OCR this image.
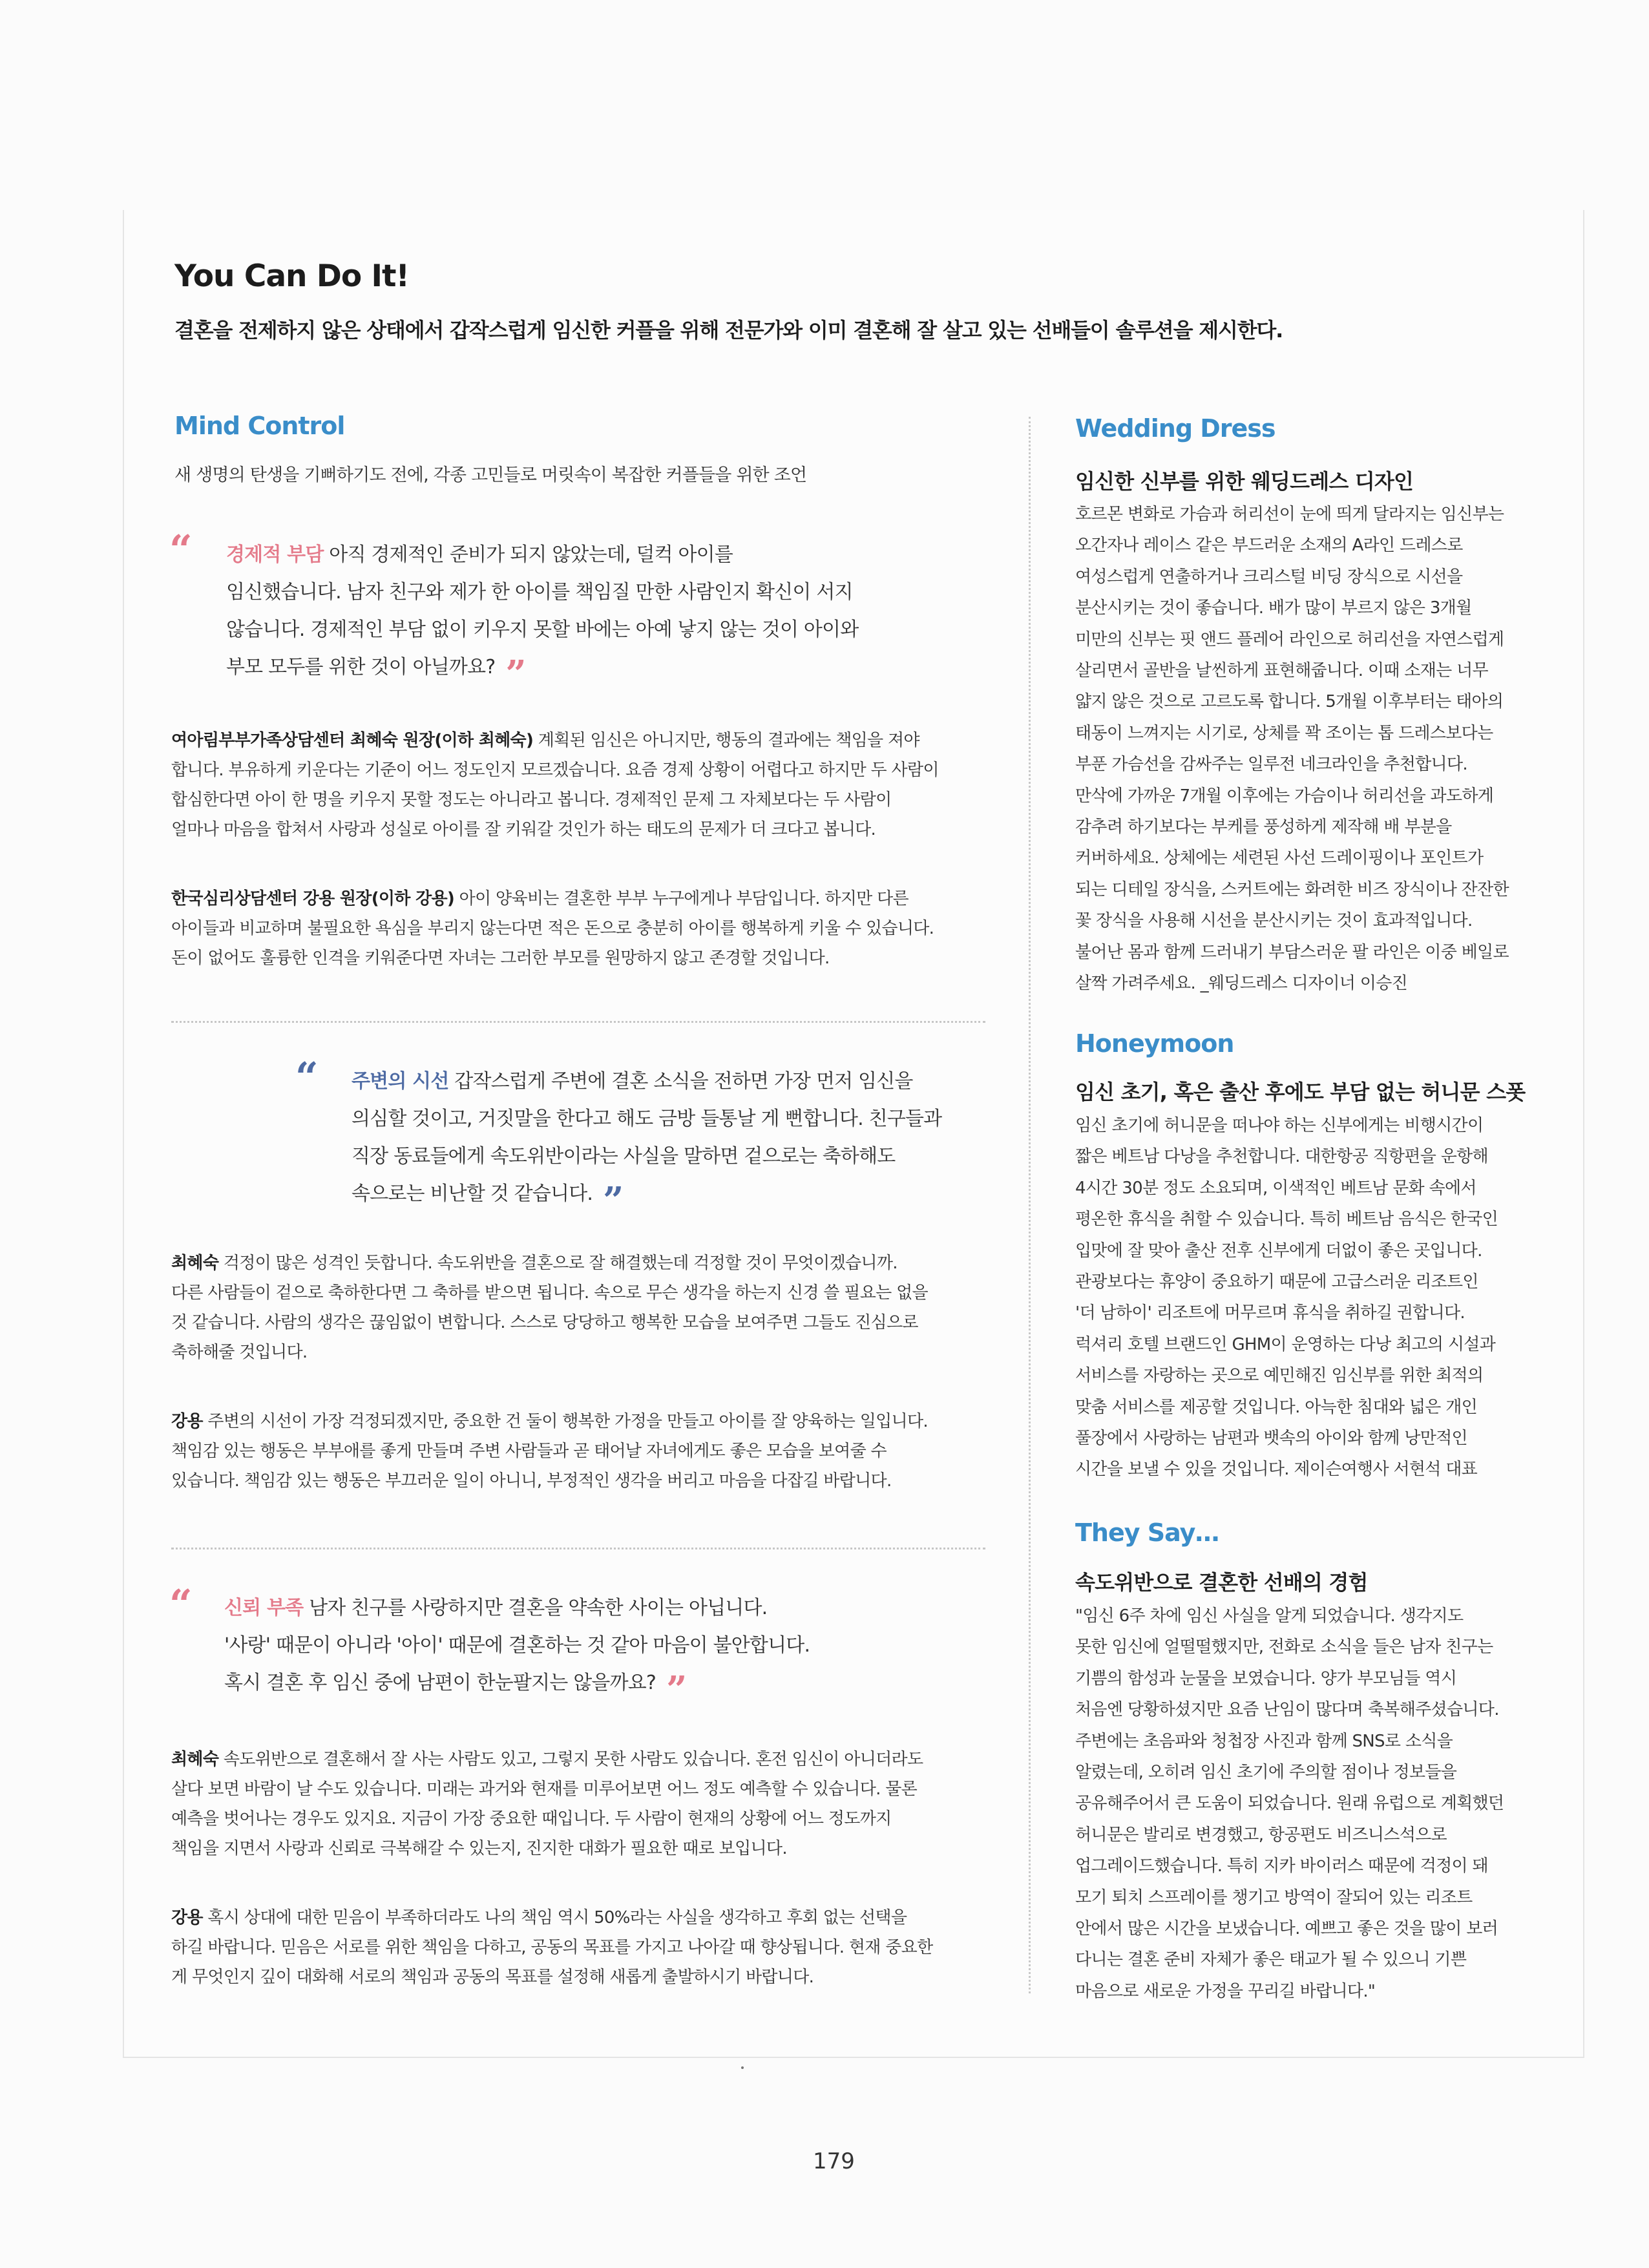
You Can Do It!
결혼을 전제하지 않은 상태에서 갑작스럽게 임신한 커플을 위해 전문가와 이미 결혼해 잘 살고 있는 선배들이 솔루션을 제시한다.
Mind Control
새 생명의 탄생을 기뻐하기도 전에, 각종 고민들로 머릿속이 복잡한 커플들을 위한 조언
“ 경제적 부담 아직 경제적인 준비가 되지 않았는데, 덜컥 아이를
임신했습니다. 남자 친구와 제가 한 아이를 책임질 만한 사람인지 확신이 서지
않습니다. 경제적인 부담 없이 키우지 못할 바에는 아예 낳지 않는 것이 아이와
부모 모두를 위한 것이 아닐까요? ”
여아림부부가족상담센터 최혜숙 원장(이하 최혜숙) 계획된 임신은 아니지만, 행동의 결과에는 책임을 져야
합니다. 부유하게 키운다는 기준이 어느 정도인지 모르겠습니다. 요즘 경제 상황이 어렵다고 하지만 두 사람이
합심한다면 아이 한 명을 키우지 못할 정도는 아니라고 봅니다. 경제적인 문제 그 자체보다는 두 사람이
얼마나 마음을 합쳐서 사랑과 성실로 아이를 잘 키워갈 것인가 하는 태도의 문제가 더 크다고 봅니다.
한국심리상담센터 강용 원장(이하 강용) 아이 양육비는 결혼한 부부 누구에게나 부담입니다. 하지만 다른
아이들과 비교하며 불필요한 욕심을 부리지 않는다면 적은 돈으로 충분히 아이를 행복하게 키울 수 있습니다.
돈이 없어도 훌륭한 인격을 키워준다면 자녀는 그러한 부모를 원망하지 않고 존경할 것입니다.
“ 주변의 시선 갑작스럽게 주변에 결혼 소식을 전하면 가장 먼저 임신을
의심할 것이고, 거짓말을 한다고 해도 금방 들통날 게 뻔합니다. 친구들과
직장 동료들에게 속도위반이라는 사실을 말하면 겉으로는 축하해도
속으로는 비난할 것 같습니다. ”
최혜숙 걱정이 많은 성격인 듯합니다. 속도위반을 결혼으로 잘 해결했는데 걱정할 것이 무엇이겠습니까.
다른 사람들이 겉으로 축하한다면 그 축하를 받으면 됩니다. 속으로 무슨 생각을 하는지 신경 쓸 필요는 없을
것 같습니다. 사람의 생각은 끊임없이 변합니다. 스스로 당당하고 행복한 모습을 보여주면 그들도 진심으로
축하해줄 것입니다.
강용 주변의 시선이 가장 걱정되겠지만, 중요한 건 둘이 행복한 가정을 만들고 아이를 잘 양육하는 일입니다.
책임감 있는 행동은 부부애를 좋게 만들며 주변 사람들과 곧 태어날 자녀에게도 좋은 모습을 보여줄 수
있습니다. 책임감 있는 행동은 부끄러운 일이 아니니, 부정적인 생각을 버리고 마음을 다잡길 바랍니다.
“ 신뢰 부족 남자 친구를 사랑하지만 결혼을 약속한 사이는 아닙니다.
'사랑' 때문이 아니라 '아이' 때문에 결혼하는 것 같아 마음이 불안합니다.
혹시 결혼 후 임신 중에 남편이 한눈팔지는 않을까요? ”
최혜숙 속도위반으로 결혼해서 잘 사는 사람도 있고, 그렇지 못한 사람도 있습니다. 혼전 임신이 아니더라도
살다 보면 바람이 날 수도 있습니다. 미래는 과거와 현재를 미루어보면 어느 정도 예측할 수 있습니다. 물론
예측을 벗어나는 경우도 있지요. 지금이 가장 중요한 때입니다. 두 사람이 현재의 상황에 어느 정도까지
책임을 지면서 사랑과 신뢰로 극복해갈 수 있는지, 진지한 대화가 필요한 때로 보입니다.
강용 혹시 상대에 대한 믿음이 부족하더라도 나의 책임 역시 50%라는 사실을 생각하고 후회 없는 선택을
하길 바랍니다. 믿음은 서로를 위한 책임을 다하고, 공동의 목표를 가지고 나아갈 때 향상됩니다. 현재 중요한
게 무엇인지 깊이 대화해 서로의 책임과 공동의 목표를 설정해 새롭게 출발하시기 바랍니다.
Wedding Dress
임신한 신부를 위한 웨딩드레스 디자인
호르몬 변화로 가슴과 허리선이 눈에 띄게 달라지는 임신부는
오간자나 레이스 같은 부드러운 소재의 A라인 드레스로
여성스럽게 연출하거나 크리스털 비딩 장식으로 시선을
분산시키는 것이 좋습니다. 배가 많이 부르지 않은 3개월
미만의 신부는 핏 앤드 플레어 라인으로 허리선을 자연스럽게
살리면서 골반을 날씬하게 표현해줍니다. 이때 소재는 너무
얇지 않은 것으로 고르도록 합니다. 5개월 이후부터는 태아의
태동이 느껴지는 시기로, 상체를 꽉 조이는 톱 드레스보다는
부푼 가슴선을 감싸주는 일루전 네크라인을 추천합니다.
만삭에 가까운 7개월 이후에는 가슴이나 허리선을 과도하게
감추려 하기보다는 부케를 풍성하게 제작해 배 부분을
커버하세요. 상체에는 세련된 사선 드레이핑이나 포인트가
되는 디테일 장식을, 스커트에는 화려한 비즈 장식이나 잔잔한
꽃 장식을 사용해 시선을 분산시키는 것이 효과적입니다.
불어난 몸과 함께 드러내기 부담스러운 팔 라인은 이중 베일로
살짝 가려주세요. _웨딩드레스 디자이너 이승진
Honeymoon
임신 초기, 혹은 출산 후에도 부담 없는 허니문 스폿
임신 초기에 허니문을 떠나야 하는 신부에게는 비행시간이
짧은 베트남 다낭을 추천합니다. 대한항공 직항편을 운항해
4시간 30분 정도 소요되며, 이색적인 베트남 문화 속에서
평온한 휴식을 취할 수 있습니다. 특히 베트남 음식은 한국인
입맛에 잘 맞아 출산 전후 신부에게 더없이 좋은 곳입니다.
관광보다는 휴양이 중요하기 때문에 고급스러운 리조트인
'더 남하이' 리조트에 머무르며 휴식을 취하길 권합니다.
럭셔리 호텔 브랜드인 GHM이 운영하는 다낭 최고의 시설과
서비스를 자랑하는 곳으로 예민해진 임신부를 위한 최적의
맞춤 서비스를 제공할 것입니다. 아늑한 침대와 넓은 개인
풀장에서 사랑하는 남편과 뱃속의 아이와 함께 낭만적인
시간을 보낼 수 있을 것입니다. 제이슨여행사 서현석 대표
They Say…
속도위반으로 결혼한 선배의 경험
"임신 6주 차에 임신 사실을 알게 되었습니다. 생각지도
못한 임신에 얼떨떨했지만, 전화로 소식을 들은 남자 친구는
기쁨의 함성과 눈물을 보였습니다. 양가 부모님들 역시
처음엔 당황하셨지만 요즘 난임이 많다며 축복해주셨습니다.
주변에는 초음파와 청첩장 사진과 함께 SNS로 소식을
알렸는데, 오히려 임신 초기에 주의할 점이나 정보들을
공유해주어서 큰 도움이 되었습니다. 원래 유럽으로 계획했던
허니문은 발리로 변경했고, 항공편도 비즈니스석으로
업그레이드했습니다. 특히 지카 바이러스 때문에 걱정이 돼
모기 퇴치 스프레이를 챙기고 방역이 잘되어 있는 리조트
안에서 많은 시간을 보냈습니다. 예쁘고 좋은 것을 많이 보러
다니는 결혼 준비 자체가 좋은 태교가 될 수 있으니 기쁜
마음으로 새로운 가정을 꾸리길 바랍니다."
179
